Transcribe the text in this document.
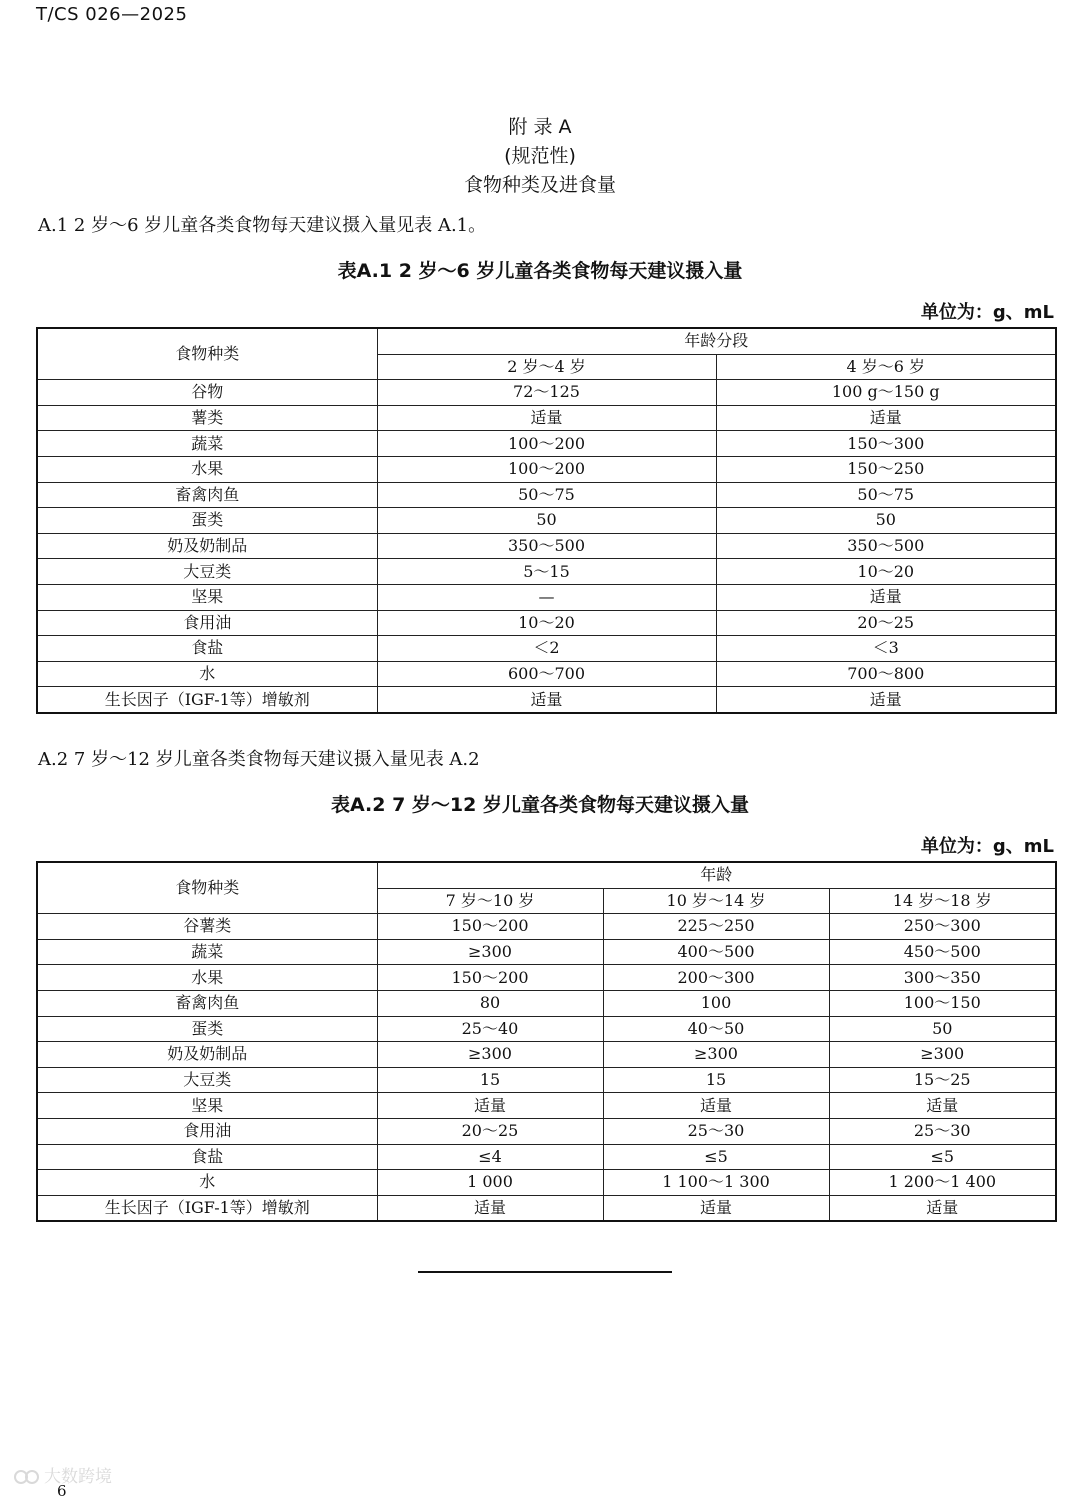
T/CS 026—2025
附 录 A
(规范性)
食物种类及进食量
A.1 2 岁～6 岁儿童各类食物每天建议摄入量见表 A.1。
表A.1 2 岁～6 岁儿童各类食物每天建议摄入量
单位为：g、mL
食物种类	年龄分段	
	2 岁～4 岁	4 岁～6 岁
谷物	72～125	100 g～150 g
薯类	适量	适量
蔬菜	100～200	150～300
水果	100～200	150～250
畜禽肉鱼	50～75	50～75
蛋类	50	50
奶及奶制品	350～500	350～500
大豆类	5～15	10～20
坚果	—	适量
食用油	10～20	20～25
食盐	＜2	＜3
水	600～700	700～800
生长因子（IGF-1等）增敏剂	适量	适量
A.2 7 岁～12 岁儿童各类食物每天建议摄入量见表 A.2
表A.2 7 岁～12 岁儿童各类食物每天建议摄入量
单位为：g、mL
食物种类	年龄		
	7 岁～10 岁	10 岁～14 岁	14 岁～18 岁
谷薯类	150～200	225～250	250～300
蔬菜	≥300	400～500	450～500
水果	150～200	200～300	300～350
畜禽肉鱼	80	100	100～150
蛋类	25～40	40～50	50
奶及奶制品	≥300	≥300	≥300
大豆类	15	15	15～25
坚果	适量	适量	适量
食用油	20～25	25～30	25～30
食盐	≤4	≤5	≤5
水	1 000	1 100～1 300	1 200～1 400
生长因子（IGF-1等）增敏剂	适量	适量	适量
大数跨境
6
